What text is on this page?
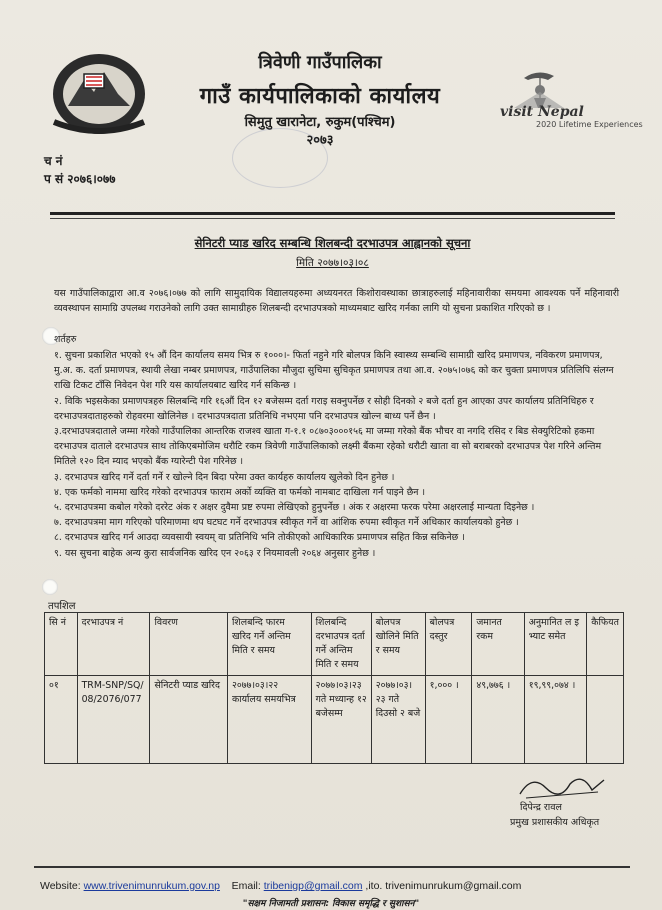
त्रिवेणी गाउँपालिका
गाउँ कार्यपालिकाको कार्यालय
सिमुतु खारानेटा, रुकुम(पश्चिम)
२०७३
visit Nepal
2020 Lifetime Experiences
च नं
प सं २०७६।०७७
सेनिटरी प्याड खरिद सम्बन्धि शिलबन्दी दरभाउपत्र आह्वानको सूचना
मिति २०७७।०३।०८
यस गाउँपालिकाद्वारा आ.व २०७६।०७७ को लागि सामुदायिक विद्यालयहरुमा अध्ययनरत किशोरावस्थाका छात्राहरुलाई महिनावारीका समयमा आवश्यक पर्ने महिनावारी व्यवस्थापन सामाग्रि उपलब्ध गराउनेको लागि उक्त सामाग्रीहरु शिलबन्दी दरभाउपत्रको माध्यमबाट खरिद गर्नका लागि यो सुचना प्रकाशित गरिएको छ ।
शर्तहरु

१. सुचना प्रकाशित भएको १५ औं दिन कार्यालय समय भित्र रु १०००।- फिर्ता नहुने गरि बोलपत्र किनि स्वास्थ्य सम्बन्धि सामाग्री खरिद प्रमाणपत्र, नविकरण प्रमाणपत्र, मु.अ. क. दर्ता प्रमाणपत्र, स्थायी लेखा नम्बर प्रमाणपत्र, गाउँपालिका मौजुदा सुचिमा सुचिकृत प्रमाणपत्र तथा आ.व. २०७५।०७६ को कर चुक्ता प्रमाणपत्र प्रतिलिपि संलग्न राखि टिकट टाँसि निवेदन पेश गरि यस कार्यालयबाट खरिद गर्न सकिन्छ ।

२. विकि भइसकेका प्रमाणपत्रहरु सिलबन्दि गरि १६औं दिन १२ बजेसम्म दर्ता गराइ सक्नुपर्नेछ र सोही दिनको २ बजे दर्ता हुन आएका उपर कार्यालय प्रतिनिधिहरु र दरभाउपत्रदाताहरुको रोहवरमा खोलिनेछ । दरभाउपत्रदाता प्रतिनिधि नभएमा पनि दरभाउपत्र खोल्न बाध्य पर्ने छैन ।

३.दरभाउपत्रदाताले जम्मा गरेको गाउँपालिका आन्तरिक राजश्व खाता ग-१.१ ०८७०३०००१५६ मा जम्मा गरेको बैंक भौचर वा नगदि रसिद र बिड सेक्युरिटिको हकमा दरभाउपत्र दाताले दरभाउपत्र साथ तोकिएबमोजिम धरौटि रकम त्रिवेणी गाउँपालिकाको लक्ष्मी बैंकमा रहेको धरौटी खाता वा सो बराबरको दरभाउपत्र पेश गरिने अन्तिम मितिले १२० दिन म्याद भएको बैंक ग्यारेन्टी पेश गरिनेछ ।

३. दरभाउपत्र खरिद गर्ने दर्ता गर्ने र खोल्ने दिन बिदा परेमा उक्त कार्यहरु कार्यालय खुलेको दिन हुनेछ ।

४. एक फर्मको नाममा खरिद गरेको दरभाउपत्र फाराम अर्को व्यक्ति वा फर्मको नामबाट दाखिला गर्न पाइने छैन ।

५. दरभाउपत्रमा कबोल गरेको दररेट अंक र अक्षर दुवैमा प्रष्ट रुपमा लेखिएको हुनुपर्नेछ । अंक र अक्षरमा फरक परेमा अक्षरलाई मान्यता दिइनेछ ।

७. दरभाउपत्रमा माग गरिएको परिमाणमा थप घटघट गर्ने दरभाउपत्र स्वीकृत गर्ने वा आंशिक रुपमा स्वीकृत गर्ने अधिकार कार्यालयको हुनेछ ।

८. दरभाउपत्र खरिद गर्न आउदा व्यवसायी स्वयम् वा प्रतिनिधि भनि तोकीएको आधिकारिक प्रमाणपत्र सहित किन्न सकिनेछ ।

९. यस सुचना बाहेक अन्य कुरा सार्वजनिक खरिद एन २०६३ र नियमावली २०६४ अनुसार हुनेछ ।

तपशिल
सि नं	दरभाउपत्र नं	विवरण	शिलबन्दि फारम खरिद गर्ने अन्तिम मिति र समय	शिलबन्दि दरभाउपत्र दर्ता गर्ने अन्तिम मिति र समय	बोलपत्र खोलिने मिति र समय	बोलपत्र दस्तुर	जमानत रकम	अनुमानित ल इ भ्याट समेत	कैफियत
०१	TRM-SNP/SQ/08/2076/077	सेनिटरी प्याड खरिद	२०७७।०३।२२ कार्यालय समयभित्र	२०७७।०३।२३ गते मध्यान्ह १२ बजेसम्म	२०७७।०३।२३ गते दिउसो २ बजे	१,००० ।	४९,७७६ ।	१९,९९,०७४ ।	
दिपेन्द्र रावल
प्रमुख प्रशासकीय अधिकृत
Website: www.trivenimunrukum.gov.np Email: tribenigp@gmail.com ,ito. trivenimunrukum@gmail.com
"सक्षम निजामती प्रशासन: विकास समृद्धि र सुशासन"
